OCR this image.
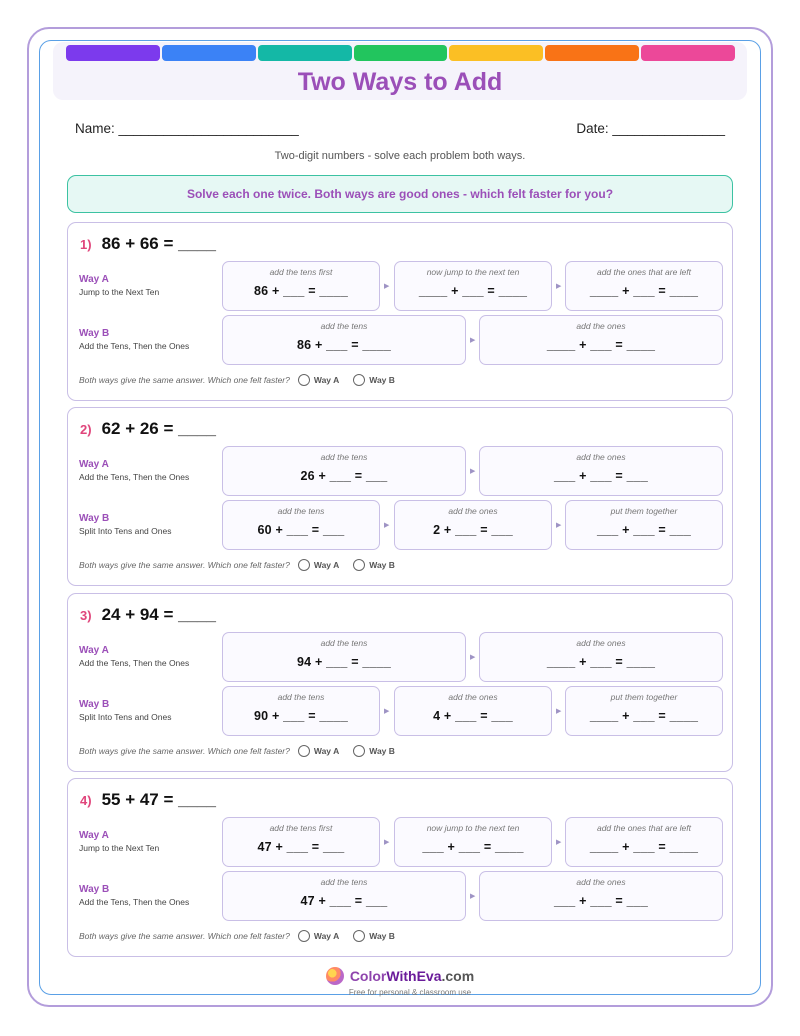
Two Ways to Add
Name: ________________________	Date: _______________
Two-digit numbers - solve each problem both ways.
Solve each one twice. Both ways are good ones - which felt faster for you?
1) 86 + 66 = ____
Way A
Jump to the Next Ten
add the tens first
86 + ___ = ____	▶
now jump to the next ten
____ + ___ = ____	▶
add the ones that are left
____ + ___ = ____
Way B
Add the Tens, Then the Ones
add the tens
86 + ___ = ____	▶
add the ones
____ + ___ = ____
Both ways give the same answer. Which one felt faster?	Way A	Way B
2) 62 + 26 = ____
Way A
Add the Tens, Then the Ones
add the tens
26 + ___ = ___	▶
add the ones
___ + ___ = ___
Way B
Split Into Tens and Ones
add the tens
60 + ___ = ___	▶
add the ones
2 + ___ = ___	▶
put them together
___ + ___ = ___
Both ways give the same answer. Which one felt faster?	Way A	Way B
3) 24 + 94 = ____
Way A
Add the Tens, Then the Ones
add the tens
94 + ___ = ____	▶
add the ones
____ + ___ = ____
Way B
Split Into Tens and Ones
add the tens
90 + ___ = ____	▶
add the ones
4 + ___ = ___	▶
put them together
____ + ___ = ____
Both ways give the same answer. Which one felt faster?	Way A	Way B
4) 55 + 47 = ____
Way A
Jump to the Next Ten
add the tens first
47 + ___ = ___	▶
now jump to the next ten
___ + ___ = ____	▶
add the ones that are left
____ + ___ = ____
Way B
Add the Tens, Then the Ones
add the tens
47 + ___ = ___	▶
add the ones
___ + ___ = ___
Both ways give the same answer. Which one felt faster?	Way A	Way B
ColorWithEva.com
Free for personal & classroom use
